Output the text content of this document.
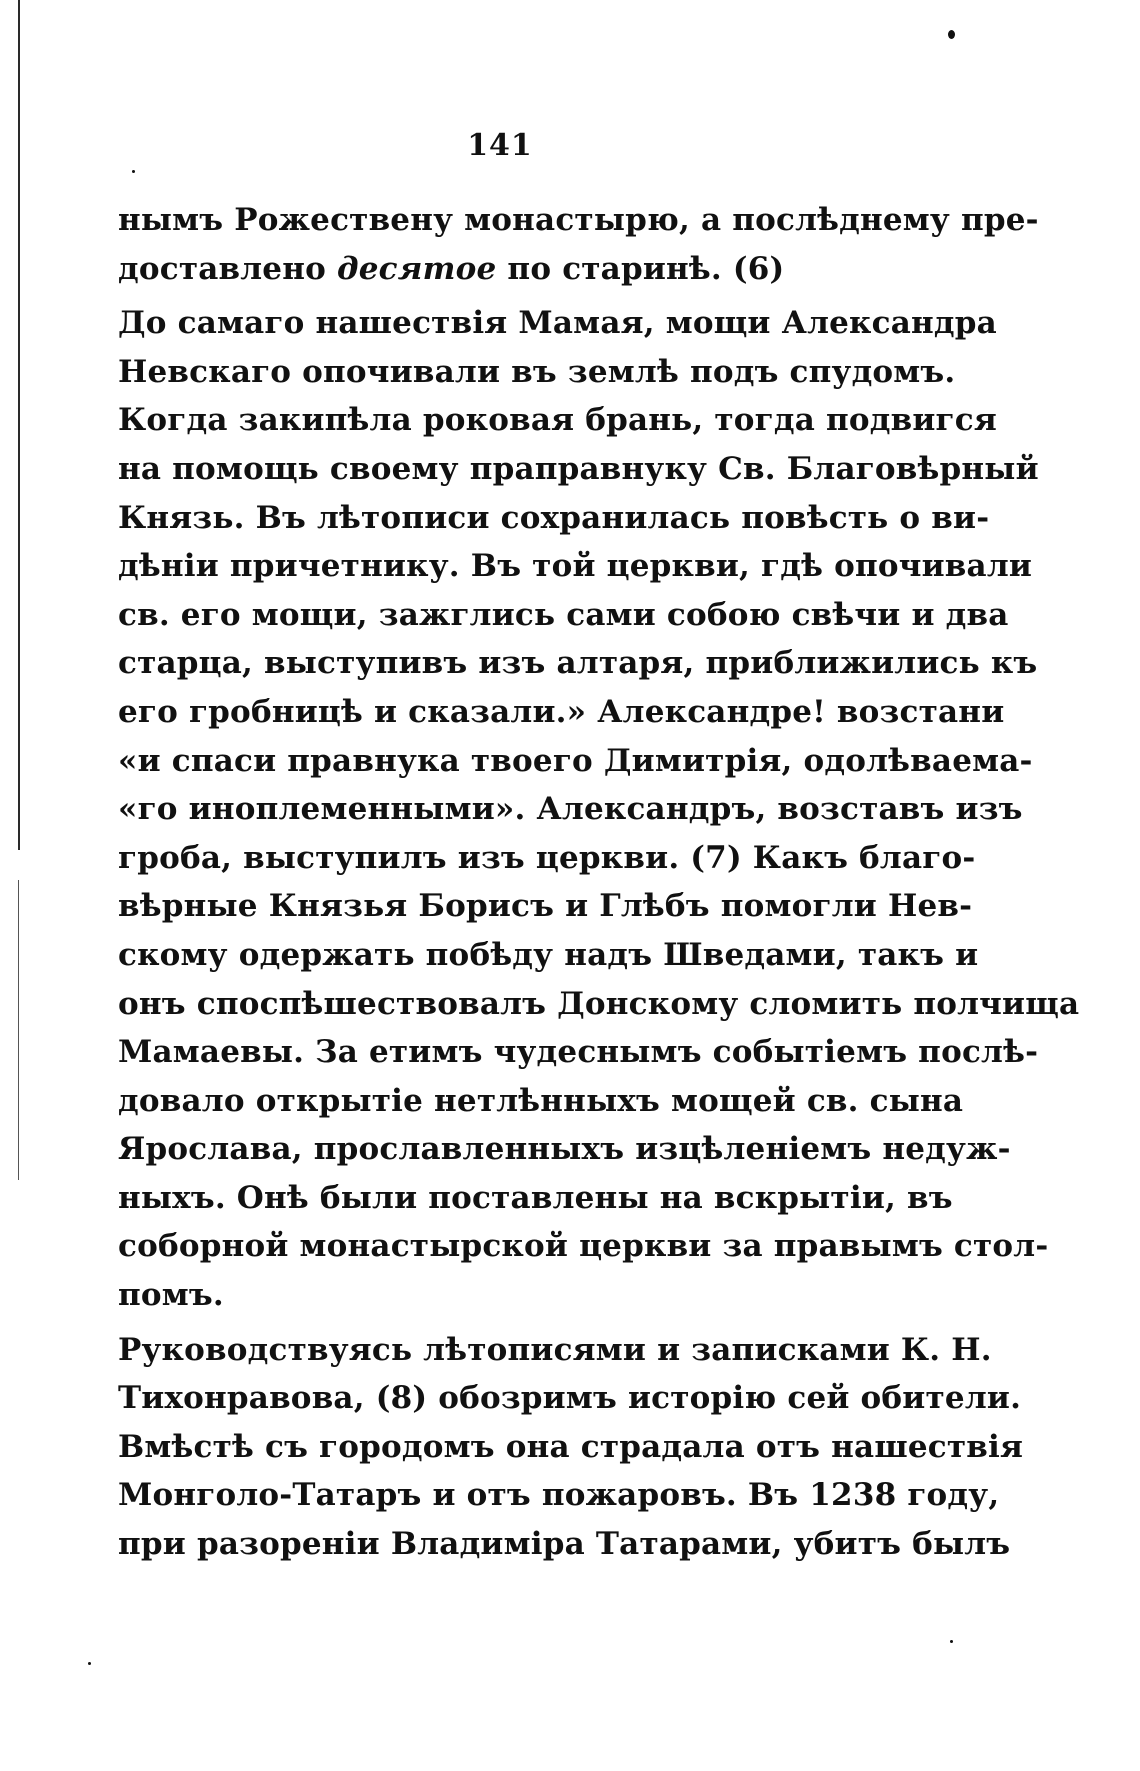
141
нымъ Рожествену монастырю, а послѣднему пре-
доставлено десятое по старинѣ. (6)
До самаго нашествія Мамая, мощи Александра
Невскаго опочивали въ землѣ подъ спудомъ.
Когда закипѣла роковая брань, тогда подвигся
на помощь своему праправнуку Св. Благовѣрный
Князь. Въ лѣтописи сохранилась повѣсть о ви-
дѣніи причетнику. Въ той церкви, гдѣ опочивали
св. его мощи, зажглись сами собою свѣчи и два
старца, выступивъ изъ алтаря, приближились къ
его гробницѣ и сказали.» Александре! возстани
«и спаси правнука твоего Димитрія, одолѣваема-
«го иноплеменными». Александръ, возставъ изъ
гроба, выступилъ изъ церкви. (7) Какъ благо-
вѣрные Князья Борисъ и Глѣбъ помогли Нев-
скому одержать побѣду надъ Шведами, такъ и
онъ споспѣшествовалъ Донскому сломить полчища
Мамаевы. За етимъ чудеснымъ событіемъ послѣ-
довало открытіе нетлѣнныхъ мощей св. сына
Ярослава, прославленныхъ изцѣленіемъ недуж-
ныхъ. Онѣ были поставлены на вскрытіи, въ
соборной монастырской церкви за правымъ стол-
помъ.
Руководствуясь лѣтописями и записками К. Н.
Тихонравова, (8) обозримъ исторію сей обители.
Вмѣстѣ съ городомъ она страдала отъ нашествія
Монголо-Татаръ и отъ пожаровъ. Въ 1238 году,
при разореніи Владиміра Татарами, убитъ былъ
